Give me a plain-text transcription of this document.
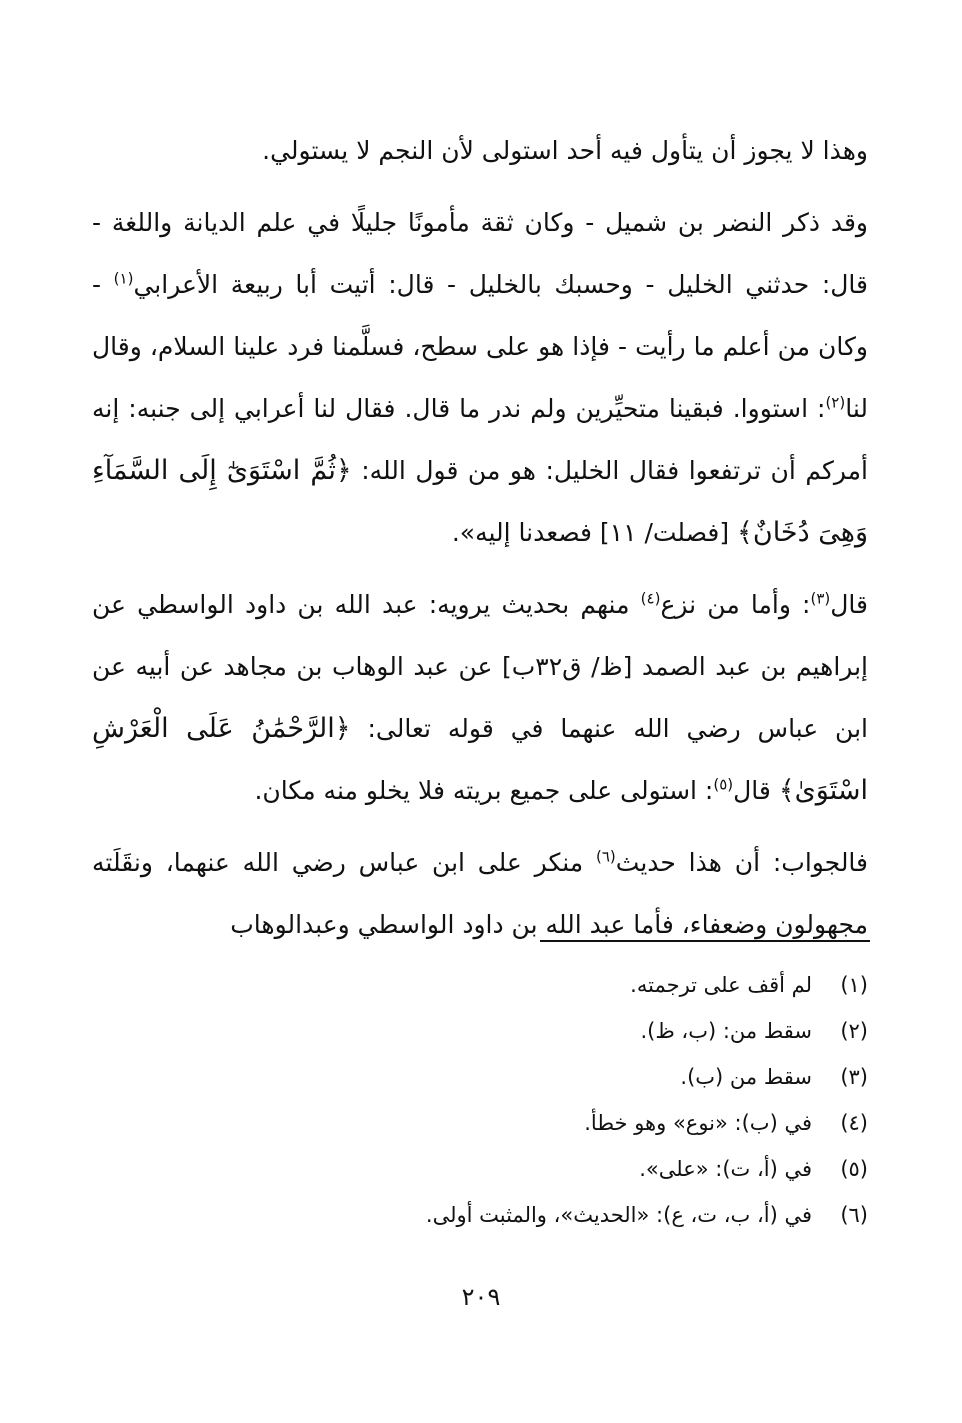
وهذا لا يجوز أن يتأول فيه أحد استولى لأن النجم لا يستولي.

وقد ذكر النضر بن شميل - وكان ثقة مأمونًا جليلًا في علم الديانة واللغة - قال: حدثني الخليل - وحسبك بالخليل - قال: أتيت أبا ربيعة الأعرابي$^{(١)}$ - وكان من أعلم ما رأيت - فإذا هو على سطح، فسلَّمنا فرد علينا السلام، وقال لنا$^{(٢)}$: استووا. فبقينا متحيِّرين ولم ندر ما قال. فقال لنا أعرابي إلى جنبه: إنه أمركم أن ترتفعوا فقال الخليل: هو من قول الله: ﴿ثُمَّ اسْتَوَىٰٓ إِلَى السَّمَآءِ وَهِىَ دُخَانٌ﴾ [فصلت/ ١١] فصعدنا إليه».

قال$^{(٣)}$: وأما من نزع$^{(٤)}$ منهم بحديث يرويه: عبد الله بن داود الواسطي عن إبراهيم بن عبد الصمد [ظ/ ق٣٢ب] عن عبد الوهاب بن مجاهد عن أبيه عن ابن عباس رضي الله عنهما في قوله تعالى: ﴿الرَّحْمَٰنُ عَلَى الْعَرْشِ اسْتَوَىٰ﴾ قال$^{(٥)}$: استولى على جميع بريته فلا يخلو منه مكان.

فالجواب: أن هذا حديث$^{(٦)}$ منكر على ابن عباس رضي الله عنهما، ونقَلَته مجهولون وضعفاء، فأما عبد الله بن داود الواسطي وعبدالوهاب

(١)
لم أقف على ترجمته.
(٢)
سقط من: (ب، ظ).
(٣)
سقط من (ب).
(٤)
في (ب): «نوع» وهو خطأ.
(٥)
في (أ، ت): «على».
(٦)
في (أ، ب، ت، ع): «الحديث»، والمثبت أولى.
٢٠٩
